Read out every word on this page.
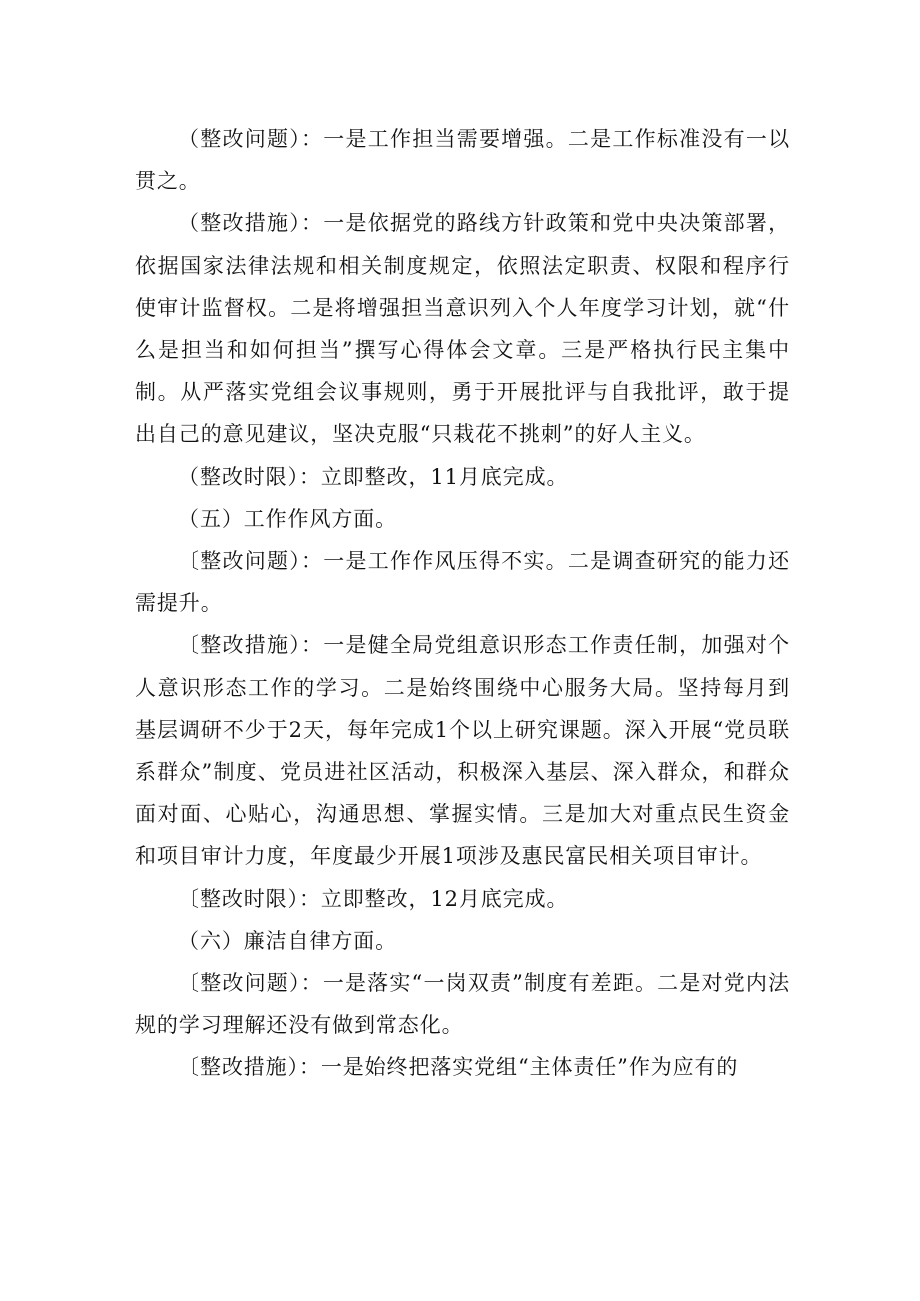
（整改问题）：一是工作担当需要增强。二是工作标准没有一以贯之。

（整改措施）：一是依据党的路线方针政策和党中央决策部署，依据国家法律法规和相关制度规定，依照法定职责、权限和程序行使审计监督权。二是将增强担当意识列入个人年度学习计划，就“什么是担当和如何担当”撰写心得体会文章。三是严格执行民主集中制。从严落实党组会议事规则，勇于开展批评与自我批评，敢于提出自己的意见建议，坚决克服“只栽花不挑刺”的好人主义。

（整改时限）：立即整改，11月底完成。

（五）工作作风方面。

〔整改问题）：一是工作作风压得不实。二是调查研究的能力还需提升。

〔整改措施）：一是健全局党组意识形态工作责任制，加强对个人意识形态工作的学习。二是始终围绕中心服务大局。坚持每月到基层调研不少于2天，每年完成1个以上研究课题。深入开展“党员联系群众”制度、党员进社区活动，积极深入基层、深入群众，和群众面对面、心贴心，沟通思想、掌握实情。三是加大对重点民生资金和项目审计力度，年度最少开展1项涉及惠民富民相关项目审计。

〔整改时限）：立即整改，12月底完成。

（六）廉洁自律方面。

〔整改问题）：一是落实“一岗双责”制度有差距。二是对党内法规的学习理解还没有做到常态化。

〔整改措施）：一是始终把落实党组“主体责任”作为应有的
